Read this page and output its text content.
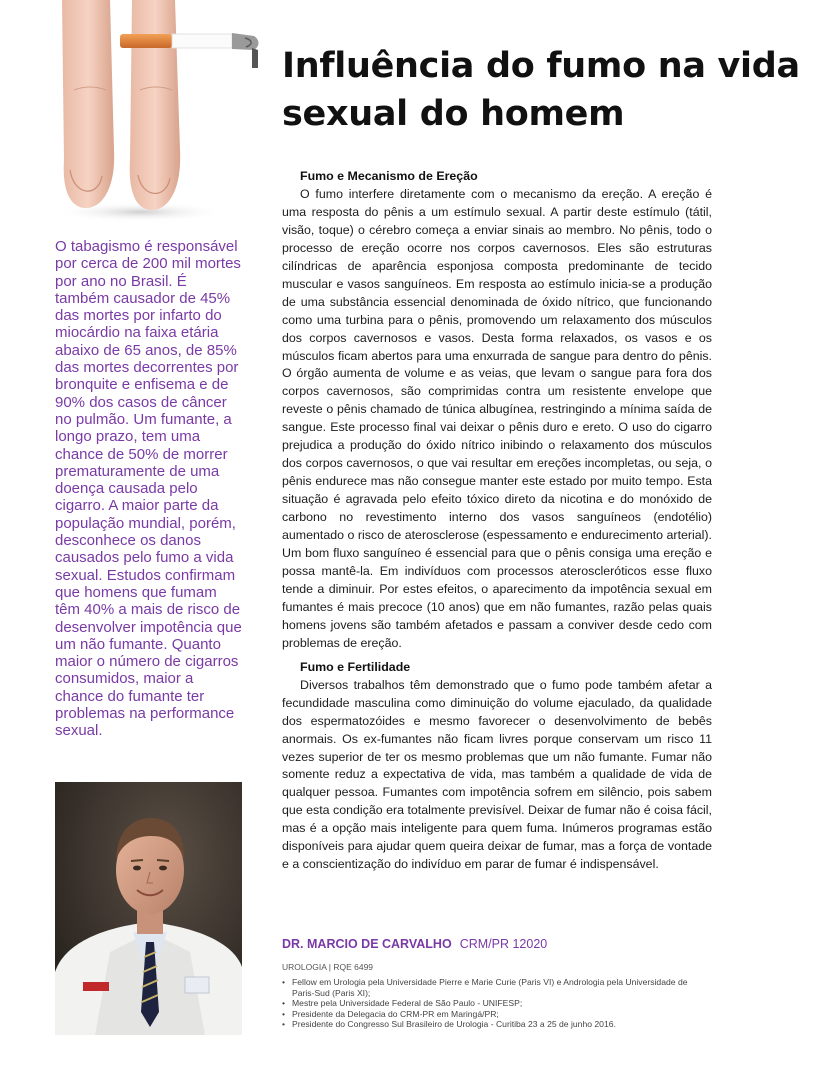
Influência do fumo na vida sexual do homem

O tabagismo é responsável por cerca de 200 mil mortes por ano no Brasil. É também causador de 45% das mortes por infarto do miocárdio na faixa etária abaixo de 65 anos, de 85% das mortes decorrentes por bronquite e enfisema e de 90% dos casos de câncer no pulmão. Um fumante, a longo prazo, tem uma chance de 50% de morrer prematuramente de uma doença causada pelo cigarro. A maior parte da população mundial, porém, desconhece os danos causados pelo fumo a vida sexual. Estudos confirmam que homens que fumam têm 40% a mais de risco de desenvolver impotência que um não fumante. Quanto maior o número de cigarros consumidos, maior a chance do fumante ter problemas na performance sexual.

Fumo e Mecanismo de Ereção

O fumo interfere diretamente com o mecanismo da ereção. A ereção é uma resposta do pênis a um estímulo sexual. A partir deste estímulo (tátil, visão, toque) o cérebro começa a enviar sinais ao membro. No pênis, todo o processo de ereção ocorre nos corpos cavernosos. Eles são estruturas cilíndricas de aparência esponjosa composta predominante de tecido muscular e vasos sanguíneos. Em resposta ao estímulo inicia-se a produção de uma substância essencial denominada de óxido nítrico, que funcionando como uma turbina para o pênis, promovendo um relaxamento dos músculos dos corpos cavernosos e vasos. Desta forma relaxados, os vasos e os músculos ficam abertos para uma enxurrada de sangue para dentro do pênis. O órgão aumenta de volume e as veias, que levam o sangue para fora dos corpos cavernosos, são comprimidas contra um resistente envelope que reveste o pênis chamado de túnica albugínea, restringindo a mínima saída de sangue. Este processo final vai deixar o pênis duro e ereto. O uso do cigarro prejudica a produção do óxido nítrico inibindo o relaxamento dos músculos dos corpos cavernosos, o que vai resultar em ereções incompletas, ou seja, o pênis endurece mas não consegue manter este estado por muito tempo. Esta situação é agravada pelo efeito tóxico direto da nicotina e do monóxido de carbono no revestimento interno dos vasos sanguíneos (endotélio) aumentado o risco de aterosclerose (espessamento e endurecimento arterial). Um bom fluxo sanguíneo é essencial para que o pênis consiga uma ereção e possa mantê-la. Em indivíduos com processos ateroscleróticos esse fluxo tende a diminuir. Por estes efeitos, o aparecimento da impotência sexual em fumantes é mais precoce (10 anos) que em não fumantes, razão pelas quais homens jovens são também afetados e passam a conviver desde cedo com problemas de ereção.

Fumo e Fertilidade

Diversos trabalhos têm demonstrado que o fumo pode também afetar a fecundidade masculina como diminuição do volume ejaculado, da qualidade dos espermatozóides e mesmo favorecer o desenvolvimento de bebês anormais. Os ex-fumantes não ficam livres porque conservam um risco 11 vezes superior de ter os mesmo problemas que um não fumante. Fumar não somente reduz a expectativa de vida, mas também a qualidade de vida de qualquer pessoa. Fumantes com impotência sofrem em silêncio, pois sabem que esta condição era totalmente previsível. Deixar de fumar não é coisa fácil, mas é a opção mais inteligente para quem fuma. Inúmeros programas estão disponíveis para ajudar quem queira deixar de fumar, mas a força de vontade e a conscientização do indivíduo em parar de fumar é indispensável.

DR. MARCIO DE CARVALHO CRM/PR 12020
UROLOGIA | RQE 6499
• Fellow em Urologia pela Universidade Pierre e Marie Curie (Paris VI) e Andrologia pela Universidade de Paris-Sud (Paris XI);
• Mestre pela Universidade Federal de São Paulo - UNIFESP;
• Presidente da Delegacia do CRM-PR em Maringá/PR;
• Presidente do Congresso Sul Brasileiro de Urologia - Curitiba 23 a 25 de junho 2016.
